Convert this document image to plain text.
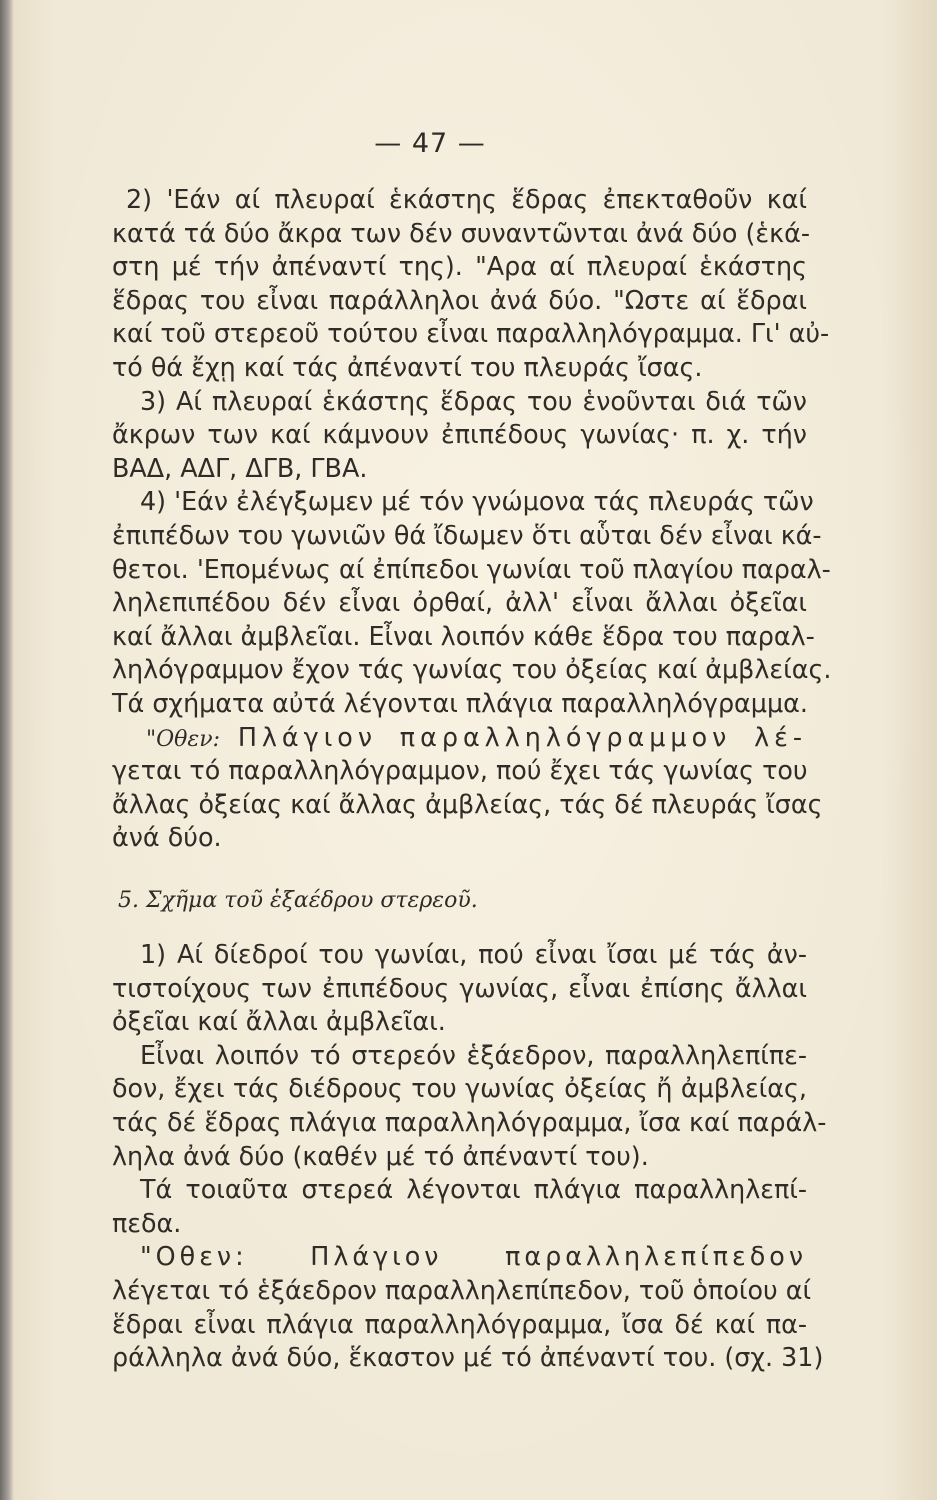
— 47 —
2) 'Εάν αί πλευραί ἑκάστης ἕδρας ἐπεκταθοῦν καί
κατά τά δύο ἄκρα των δέν συναντῶνται ἀνά δύο (ἑκά-
στη μέ τήν ἀπέναντί της). "Αρα αί πλευραί ἑκάστης
ἕδρας του εἶναι παράλληλοι ἀνά δύο. "Ωστε αί ἕδραι
καί τοῦ στερεοῦ τούτου εἶναι παραλληλόγραμμα. Γι' αὐ-
τό θά ἔχῃ καί τάς ἀπέναντί του πλευράς ἴσας.
3) Αί πλευραί ἑκάστης ἕδρας του ἑνοῦνται διά τῶν
ἄκρων των καί κάμνουν ἐπιπέδους γωνίας· π. χ. τήν
ΒΑΔ, ΑΔΓ, ΔΓΒ, ΓΒΑ.
4) 'Εάν ἐλέγξωμεν μέ τόν γνώμονα τάς πλευράς τῶν
ἐπιπέδων του γωνιῶν θά ἴδωμεν ὅτι αὗται δέν εἶναι κά-
θετοι. 'Επομένως αί ἐπίπεδοι γωνίαι τοῦ πλαγίου παραλ-
ληλεπιπέδου δέν εἶναι ὀρθαί, ἀλλ' εἶναι ἄλλαι ὀξεῖαι
καί ἄλλαι ἀμβλεῖαι. Εἶναι λοιπόν κάθε ἕδρα του παραλ-
ληλόγραμμον ἔχον τάς γωνίας του ὀξείας καί ἀμβλείας.
Τά σχήματα αὐτά λέγονται πλάγια παραλληλόγραμμα.
"Οθεν: Πλάγιον παραλληλόγραμμον λέ-
γεται τό παραλληλόγραμμον, πού ἔχει τάς γωνίας του
ἄλλας ὀξείας καί ἄλλας ἀμβλείας, τάς δέ πλευράς ἴσας
ἀνά δύο.
5. Σχῆμα τοῦ ἑξαέδρου στερεοῦ.
1) Αί δίεδροί του γωνίαι, πού εἶναι ἴσαι μέ τάς ἀν-
τιστοίχους των ἐπιπέδους γωνίας, εἶναι ἐπίσης ἄλλαι
ὀξεῖαι καί ἄλλαι ἀμβλεῖαι.
Εἶναι λοιπόν τό στερεόν ἑξάεδρον, παραλληλεπίπε-
δον, ἔχει τάς διέδρους του γωνίας ὀξείας ἤ ἀμβλείας,
τάς δέ ἕδρας πλάγια παραλληλόγραμμα, ἴσα καί παράλ-
ληλα ἀνά δύο (καθέν μέ τό ἀπέναντί του).
Τά τοιαῦτα στερεά λέγονται πλάγια παραλληλεπί-
πεδα.
"Οθεν: Πλάγιον παραλληλεπίπεδον
λέγεται τό ἑξάεδρον παραλληλεπίπεδον, τοῦ ὁποίου αί
ἕδραι εἶναι πλάγια παραλληλόγραμμα, ἴσα δέ καί πα-
ράλληλα ἀνά δύο, ἕκαστον μέ τό ἀπέναντί του. (σχ. 31)
